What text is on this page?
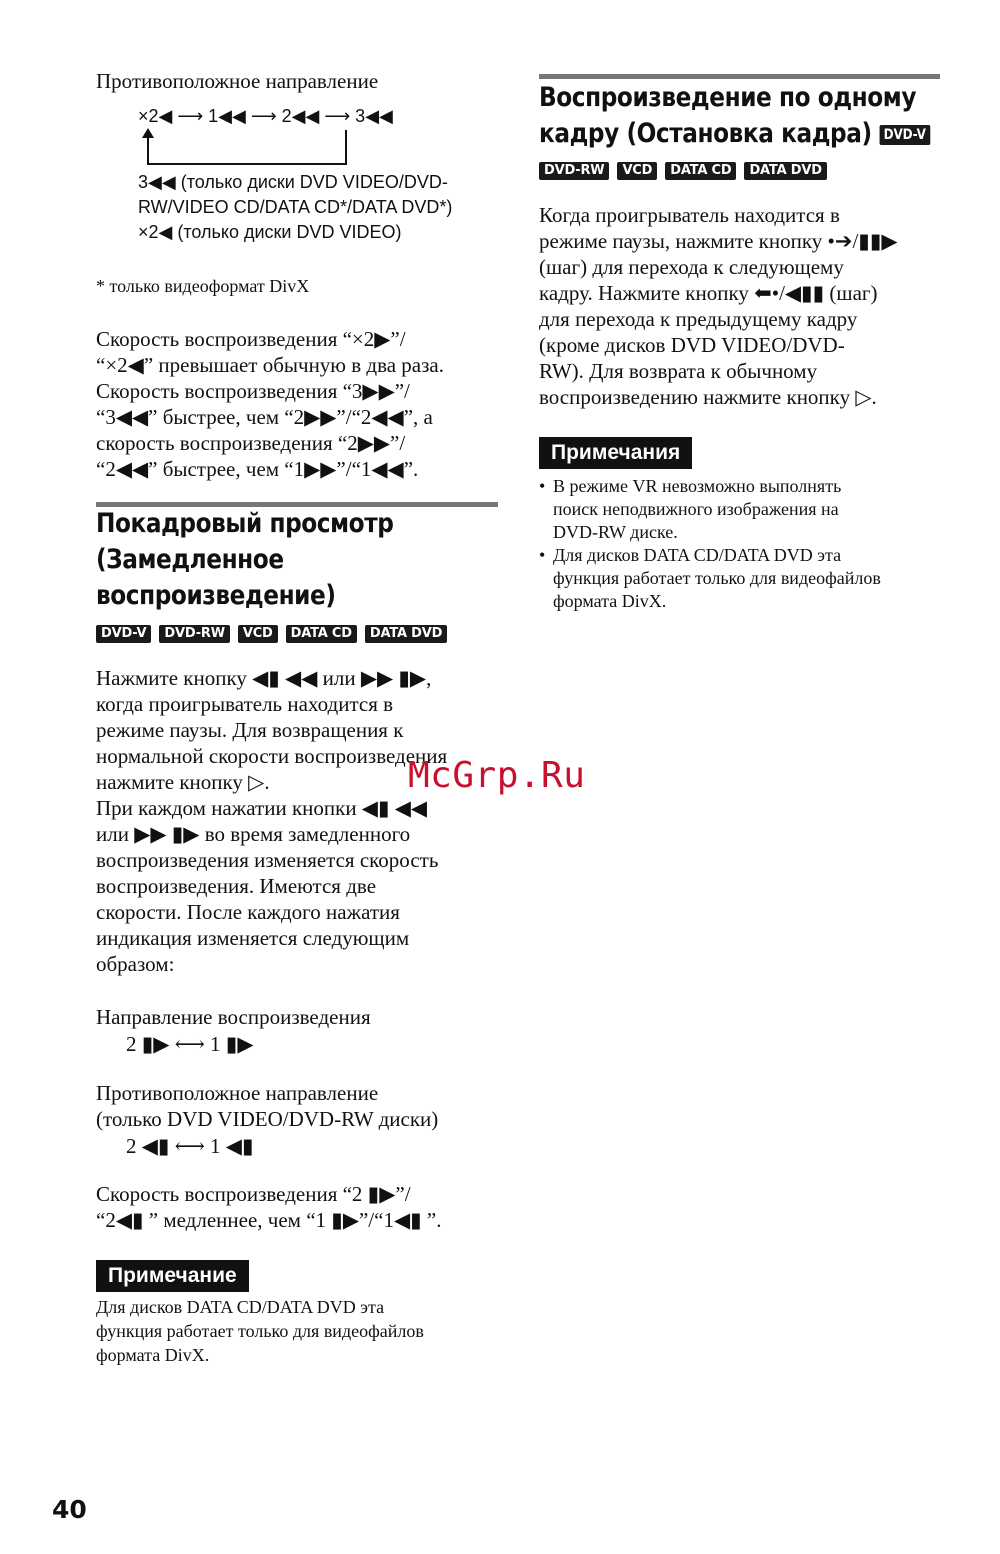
Противоположное направление
×2◀ ⟶ 1◀◀ ⟶ 2◀◀ ⟶ 3◀◀
3◀◀ (только диски DVD VIDEO/DVD-
RW/VIDEO CD/DATA CD*/DATA DVD*)
×2◀ (только диски DVD VIDEO)
* только видеоформат DivX
Скорость воспроизведения “×2▶”/
“×2◀” превышает обычную в два раза.
Скорость воспроизведения “3▶▶”/
“3◀◀” быстрее, чем “2▶▶”/“2◀◀”, а
скорость воспроизведения “2▶▶”/
“2◀◀” быстрее, чем “1▶▶”/“1◀◀”.
Покадровый просмотр
(Замедленное
воспроизведение)
DVD-V	DVD-RW	VCD	DATA CD	DATA DVD
Нажмите кнопку ◀▮ ◀◀ или ▶▶ ▮▶,
когда проигрыватель находится в
режиме паузы. Для возвращения к
нормальной скорости воспроизведения
нажмите кнопку ▷.
При каждом нажатии кнопки ◀▮ ◀◀
или ▶▶ ▮▶ во время замедленного
воспроизведения изменяется скорость
воспроизведения. Имеются две
скорости. После каждого нажатия
индикация изменяется следующим
образом:
Направление воспроизведения
2 ▮▶ ⟷ 1 ▮▶
Противоположное направление
(только DVD VIDEO/DVD-RW диски)
2 ◀▮ ⟷ 1 ◀▮
Скорость воспроизведения “2 ▮▶”/
“2◀▮ ” медленнее, чем “1 ▮▶”/“1◀▮ ”.
Примечание
Для дисков DATA CD/DATA DVD эта
функция работает только для видеофайлов
формата DivX.
Воспроизведение по одному
кадру (Остановка кадра) DVD-V
DVD-RW	VCD	DATA CD	DATA DVD
Когда проигрыватель находится в
режиме паузы, нажмите кнопку •➔/▮▮▶
(шаг) для перехода к следующему
кадру. Нажмите кнопку ⬅•/◀▮▮ (шаг)
для перехода к предыдущему кадру
(кроме дисков DVD VIDEO/DVD-
RW). Для возврата к обычному
воспроизведению нажмите кнопку ▷.
Примечания
• В режиме VR невозможно выполнять
поиск неподвижного изображения на
DVD-RW диске.
• Для дисков DATA CD/DATA DVD эта
функция работает только для видеофайлов
формата DivX.
McGrp.Ru
40
